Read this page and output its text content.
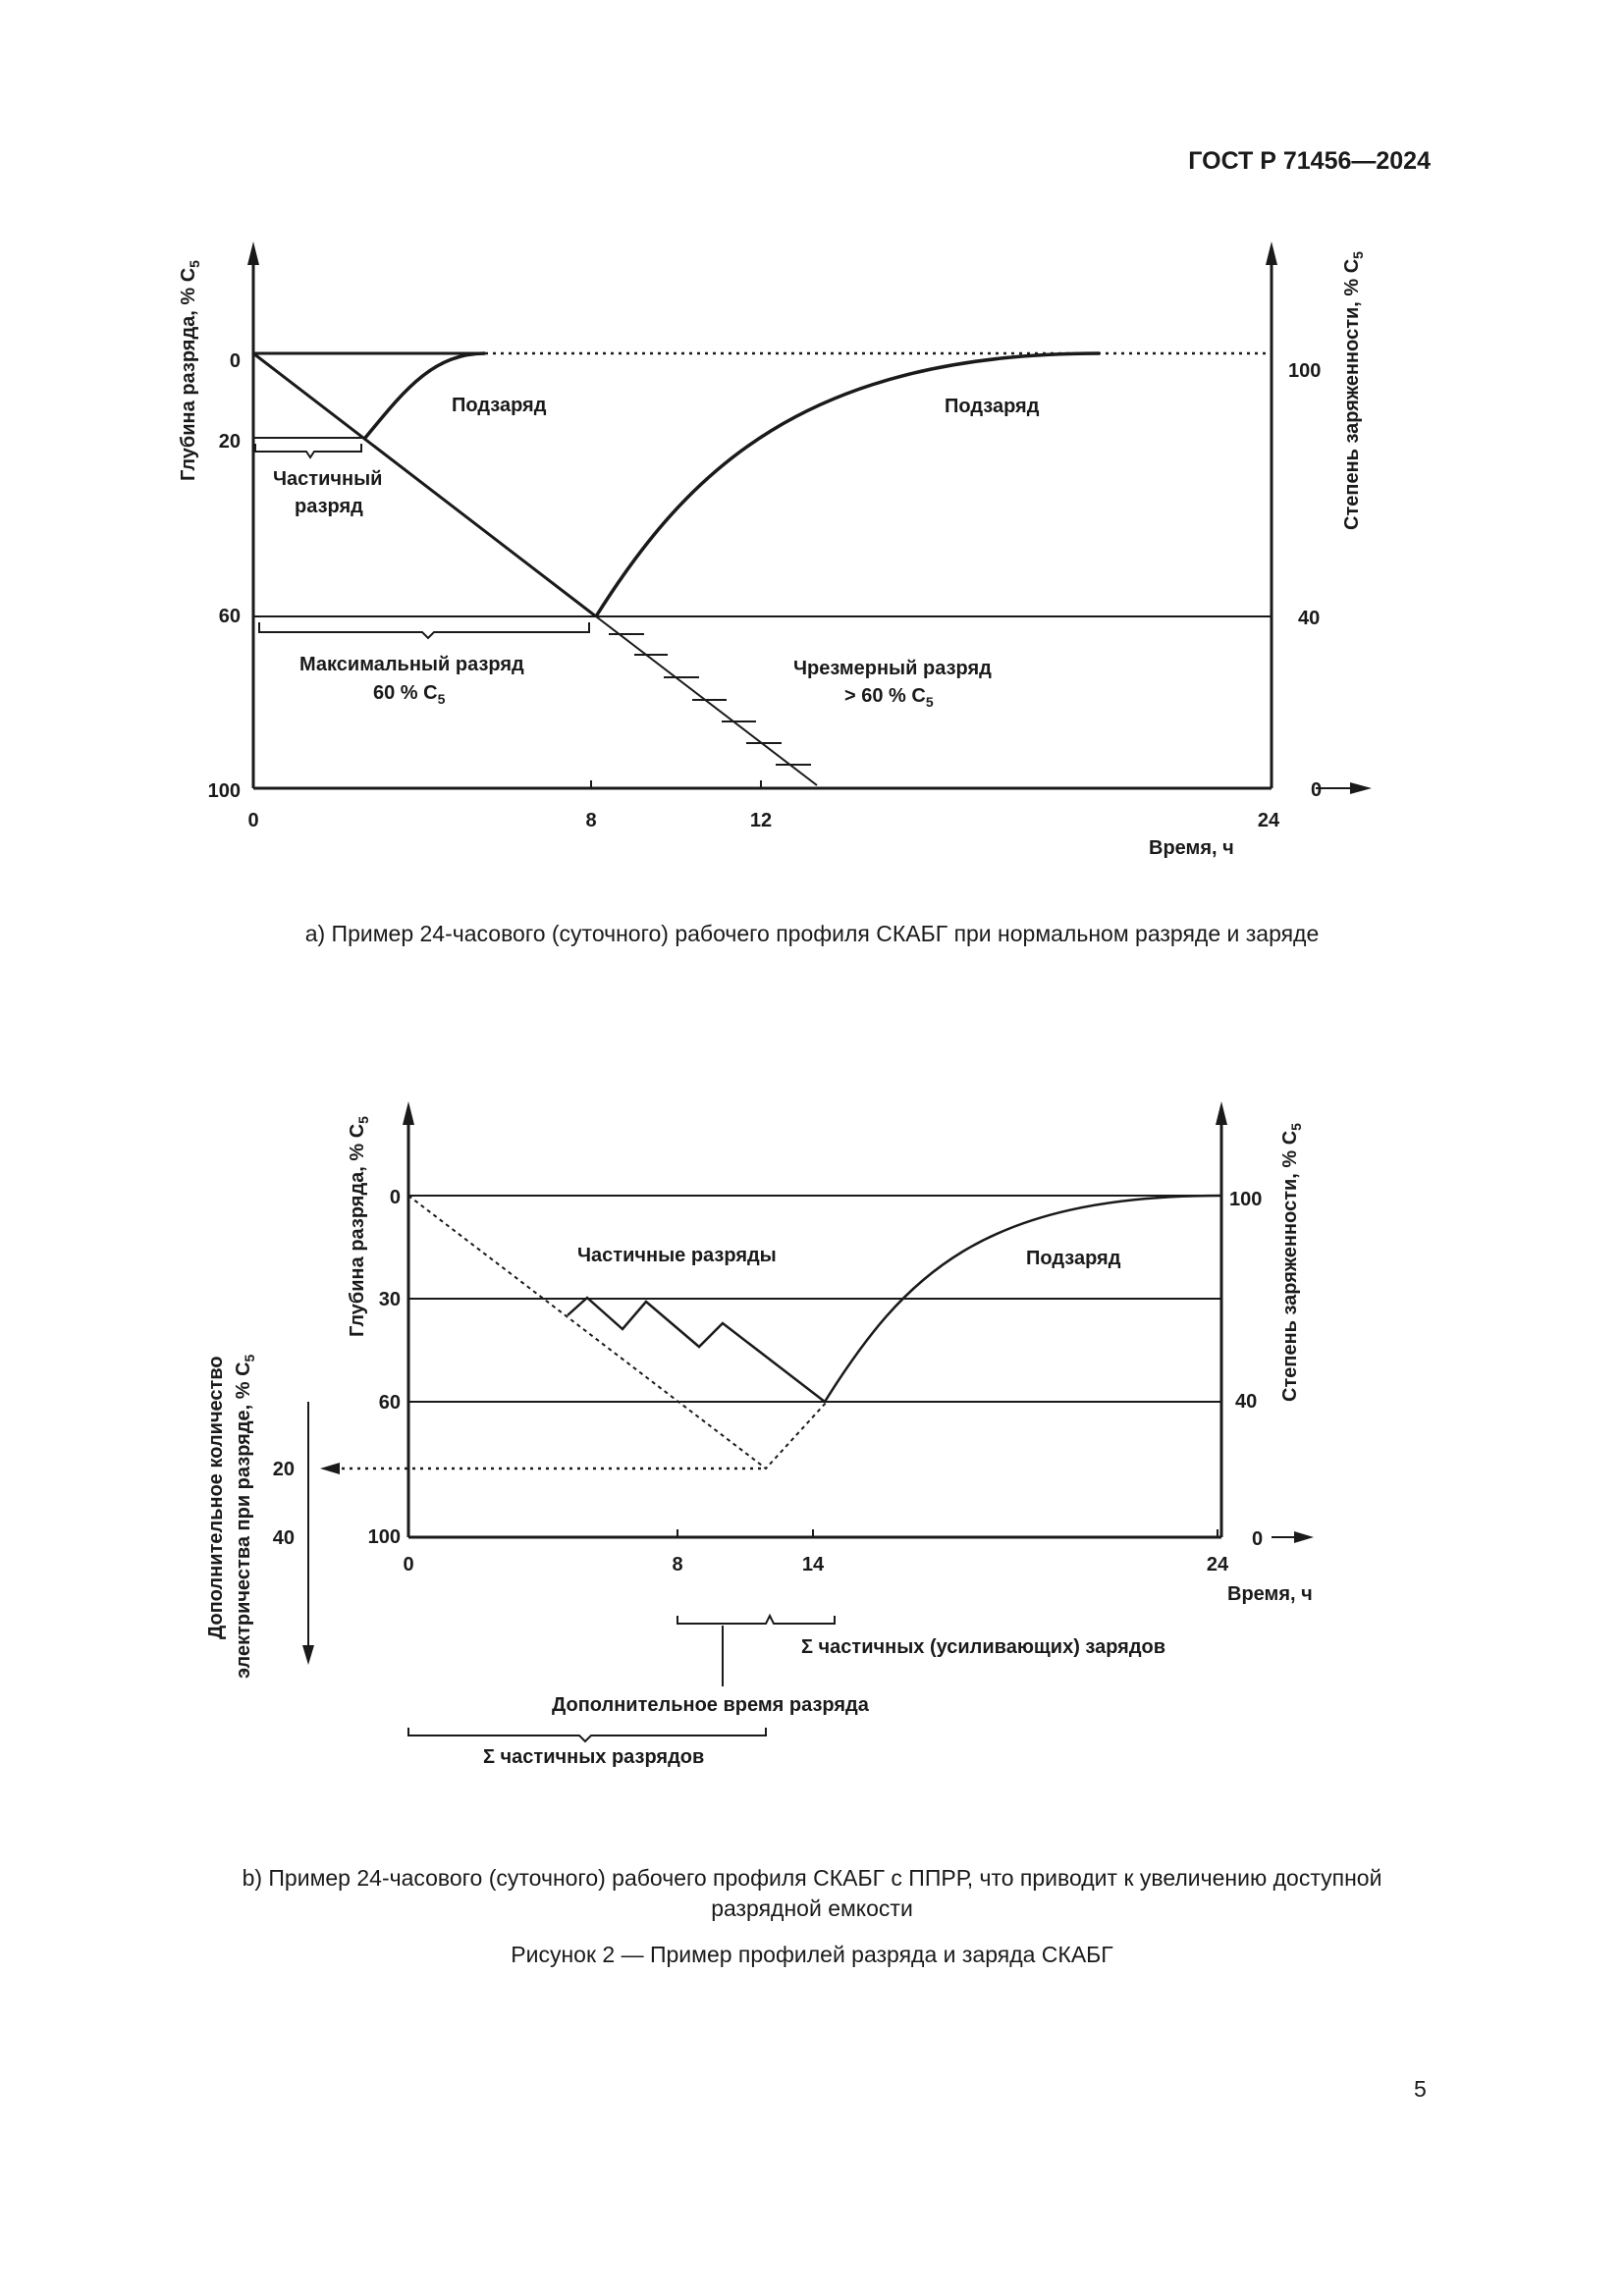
ГОСТ Р 71456—2024
0
20
60
100
100
40
0
0	8	12	24
Время, ч
Глубина разряда, % $C_5$	Степень заряженности, % $C_5$
Подзаряд	Подзаряд
Частичный
разряд
Максимальный разряд
60 % $C_5$
Чрезмерный разряд
> 60 % $C_5$
a) Пример 24-часового (суточного) рабочего профиля СКАБГ при нормальном разряде и заряде
0
30
60
100
100
40
0
20
40
0	8	14	24
Время, ч
Глубина разряда, % $C_5$
Степень заряженности, % $C_5$
Дополнительное количество электричества при разряде, % $C_5$
Частичные разряды	Подзаряд
Σ частичных (усиливающих) зарядов
Дополнительное время разряда
Σ частичных разрядов
b) Пример 24-часового (суточного) рабочего профиля СКАБГ с ППРР, что приводит к увеличению доступной
разрядной емкости
Рисунок 2 — Пример профилей разряда и заряда СКАБГ
5
